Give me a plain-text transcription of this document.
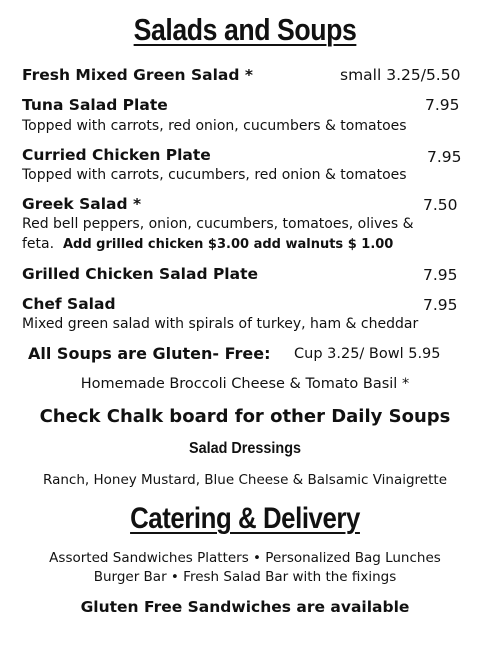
Salads and Soups
Fresh Mixed Green Salad *	small 3.25/5.50
Tuna Salad Plate	7.95
Topped with carrots, red onion, cucumbers & tomatoes
Curried Chicken Plate	7.95
Topped with carrots, cucumbers, red onion & tomatoes
Greek Salad *	7.50
Red bell peppers, onion, cucumbers, tomatoes, olives &
feta. Add grilled chicken $3.00 add walnuts $ 1.00
Grilled Chicken Salad Plate	7.95
Chef Salad	7.95
Mixed green salad with spirals of turkey, ham & cheddar
All Soups are Gluten- Free: Cup 3.25/ Bowl 5.95
Homemade Broccoli Cheese & Tomato Basil *
Check Chalk board for other Daily Soups
Salad Dressings
Ranch, Honey Mustard, Blue Cheese & Balsamic Vinaigrette
Catering & Delivery
Assorted Sandwiches Platters • Personalized Bag Lunches
Burger Bar • Fresh Salad Bar with the fixings
Gluten Free Sandwiches are available
